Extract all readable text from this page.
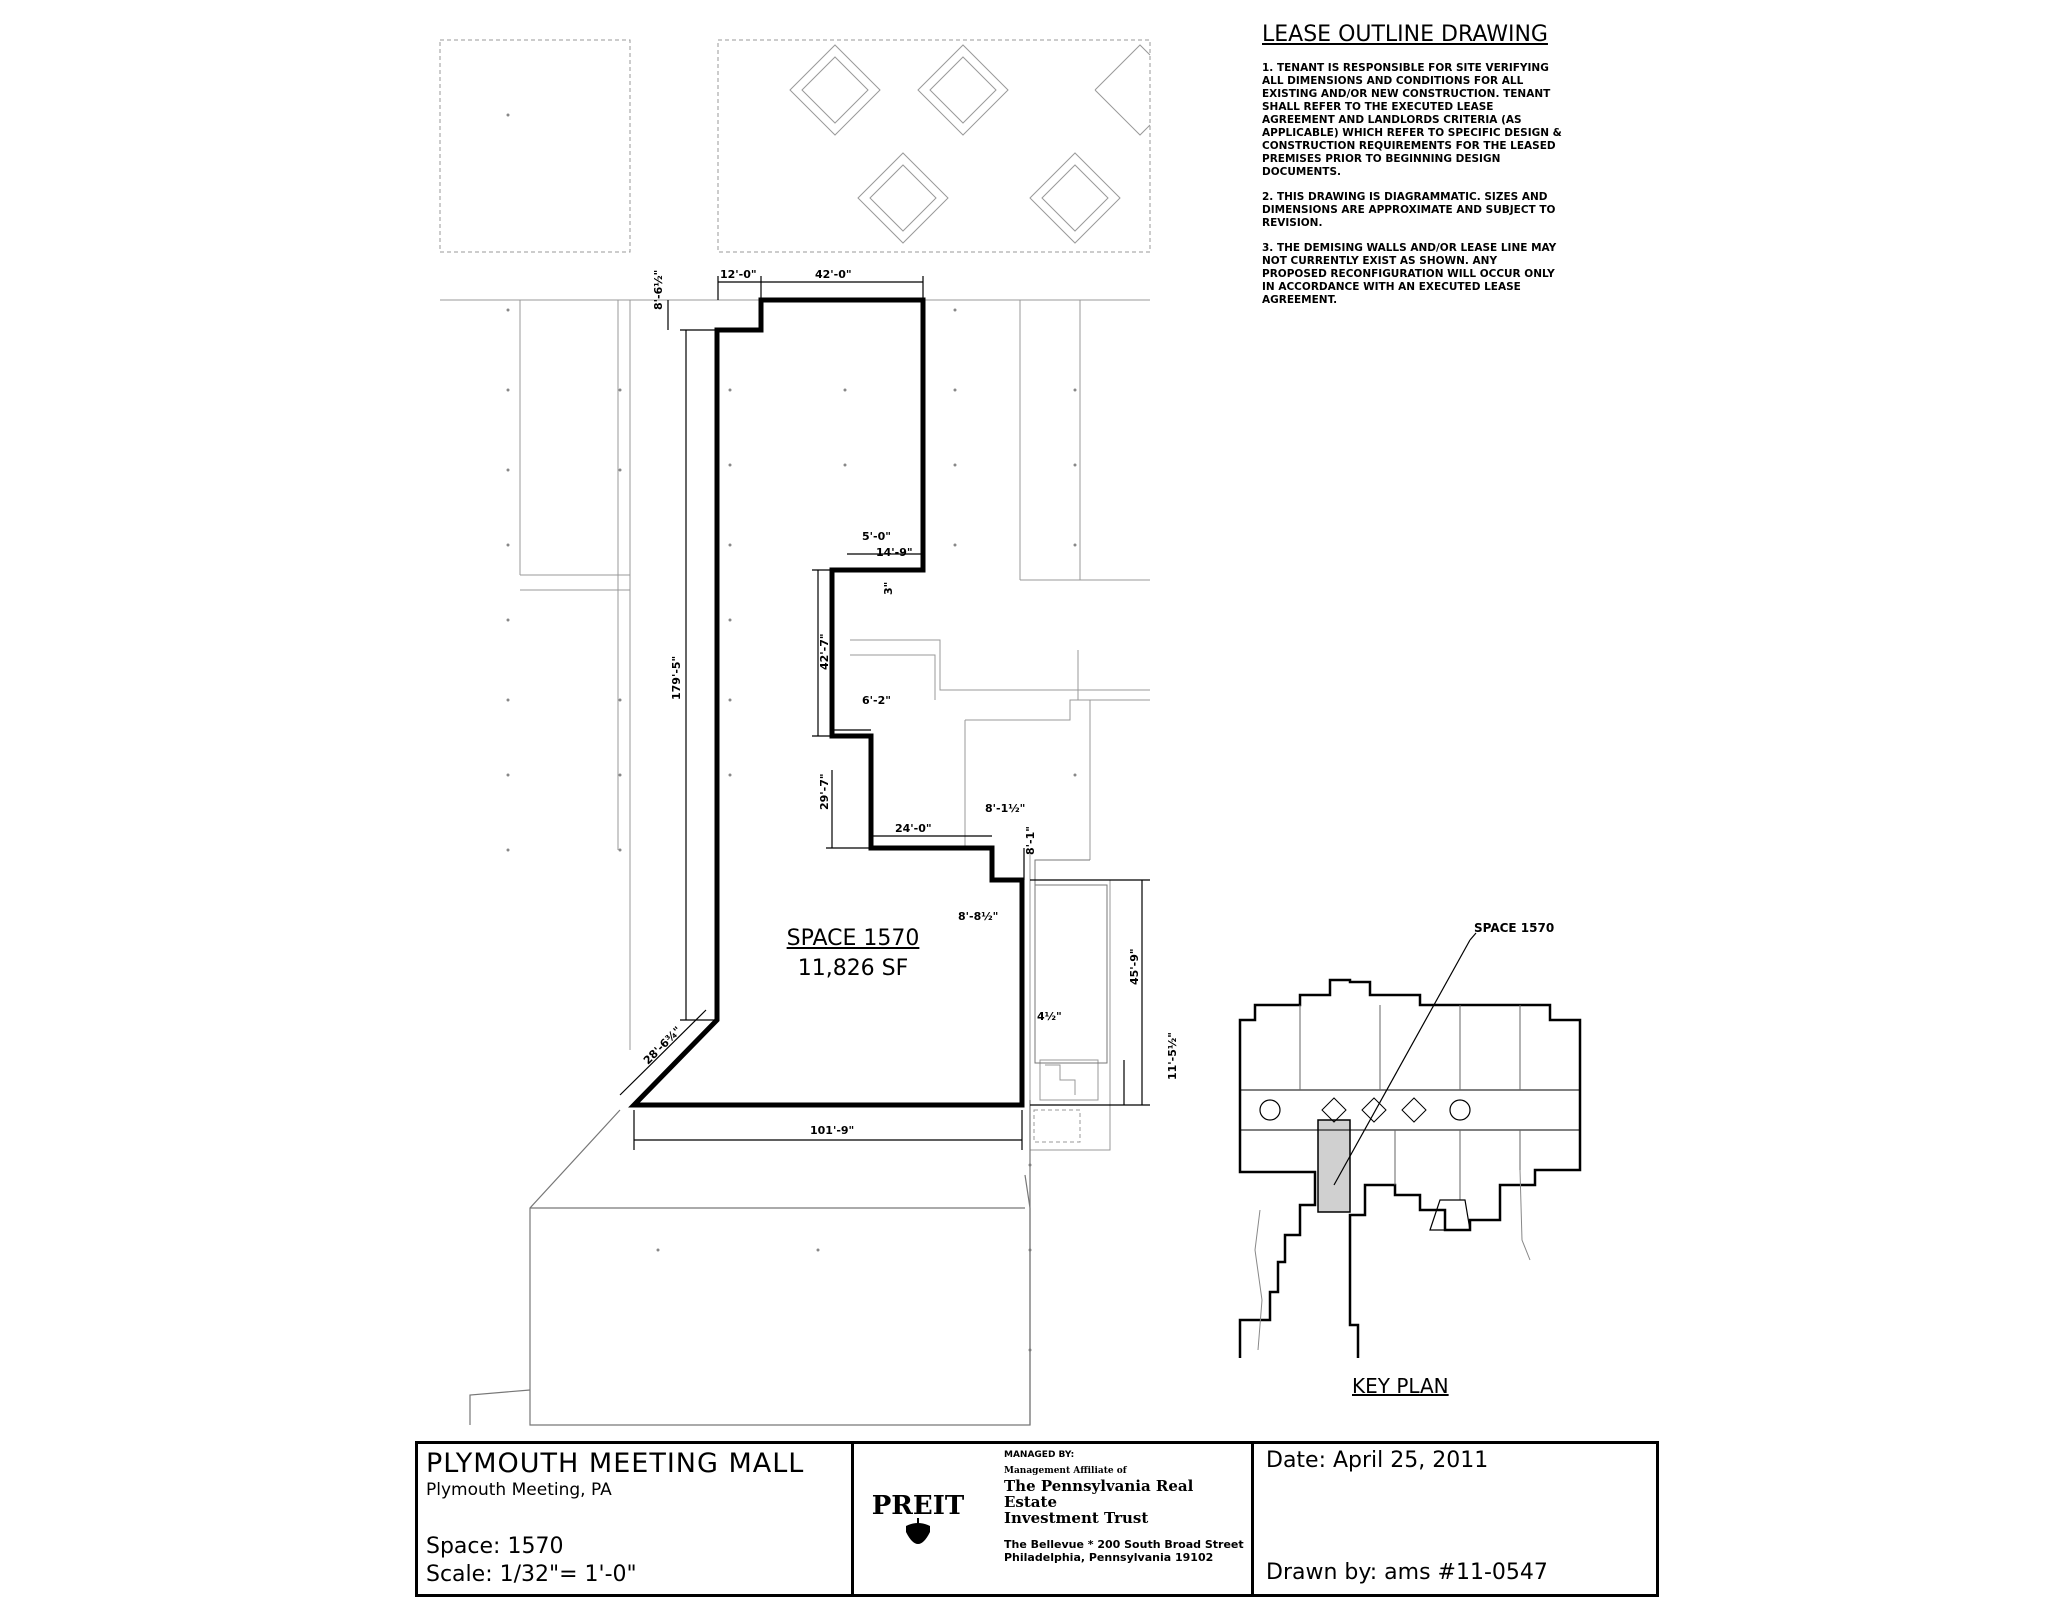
12'-0"	42'-0"
8'-6½"
179'-5"
5'-0"
14'-9"
3"
42'-7"
6'-2"
29'-7"
24'-0"
8'-1½"
8'-1"
8'-8½"
45'-9"
4½"
11'-5½"
28'-6¾"
101'-9"
PREIT
LEASE OUTLINE DRAWING

1. TENANT IS RESPONSIBLE FOR SITE VERIFYING ALL DIMENSIONS AND CONDITIONS FOR ALL EXISTING AND/OR NEW CONSTRUCTION. TENANT SHALL REFER TO THE EXECUTED LEASE AGREEMENT AND LANDLORDS CRITERIA (AS APPLICABLE) WHICH REFER TO SPECIFIC DESIGN & CONSTRUCTION REQUIREMENTS FOR THE LEASED PREMISES PRIOR TO BEGINNING DESIGN DOCUMENTS.

2. THIS DRAWING IS DIAGRAMMATIC. SIZES AND DIMENSIONS ARE APPROXIMATE AND SUBJECT TO REVISION.

3. THE DEMISING WALLS AND/OR LEASE LINE MAY NOT CURRENTLY EXIST AS SHOWN. ANY PROPOSED RECONFIGURATION WILL OCCUR ONLY IN ACCORDANCE WITH AN EXECUTED LEASE AGREEMENT.

SPACE 1570
11,826 SF
SPACE 1570
KEY PLAN
PLYMOUTH MEETING MALL
Plymouth Meeting, PA
Space: 1570
Scale: 1/32"= 1'-0"
MANAGED BY:
Management Affiliate of
The Pennsylvania Real Estate
Investment Trust
The Bellevue * 200 South Broad Street
Philadelphia, Pennsylvania 19102
Date: April 25, 2011
Drawn by: ams #11-0547
